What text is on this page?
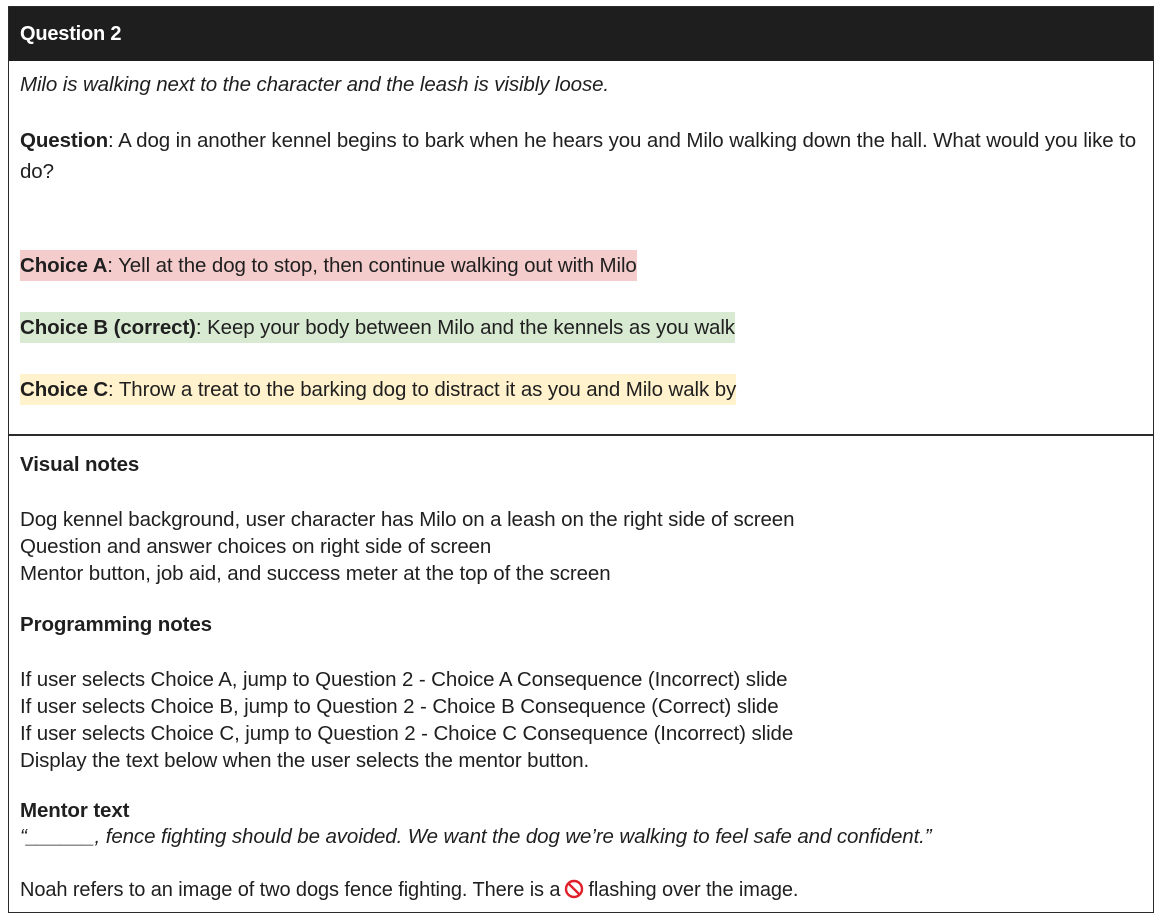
Question 2
Milo is walking next to the character and the leash is visibly loose.
Question: A dog in another kennel begins to bark when he hears you and Milo walking down the hall. What would you like to do?
Choice A: Yell at the dog to stop, then continue walking out with Milo
Choice B (correct): Keep your body between Milo and the kennels as you walk
Choice C: Throw a treat to the barking dog to distract it as you and Milo walk by
Visual notes
Dog kennel background, user character has Milo on a leash on the right side of screen
Question and answer choices on right side of screen
Mentor button, job aid, and success meter at the top of the screen
Programming notes
If user selects Choice A, jump to Question 2 - Choice A Consequence (Incorrect) slide
If user selects Choice B, jump to Question 2 - Choice B Consequence (Correct) slide
If user selects Choice C, jump to Question 2 - Choice C Consequence (Incorrect) slide
Display the text below when the user selects the mentor button.
Mentor text
“______, fence fighting should be avoided. We want the dog we’re walking to feel safe and confident.”
Noah refers to an image of two dogs fence fighting. There is a flashing over the image.
